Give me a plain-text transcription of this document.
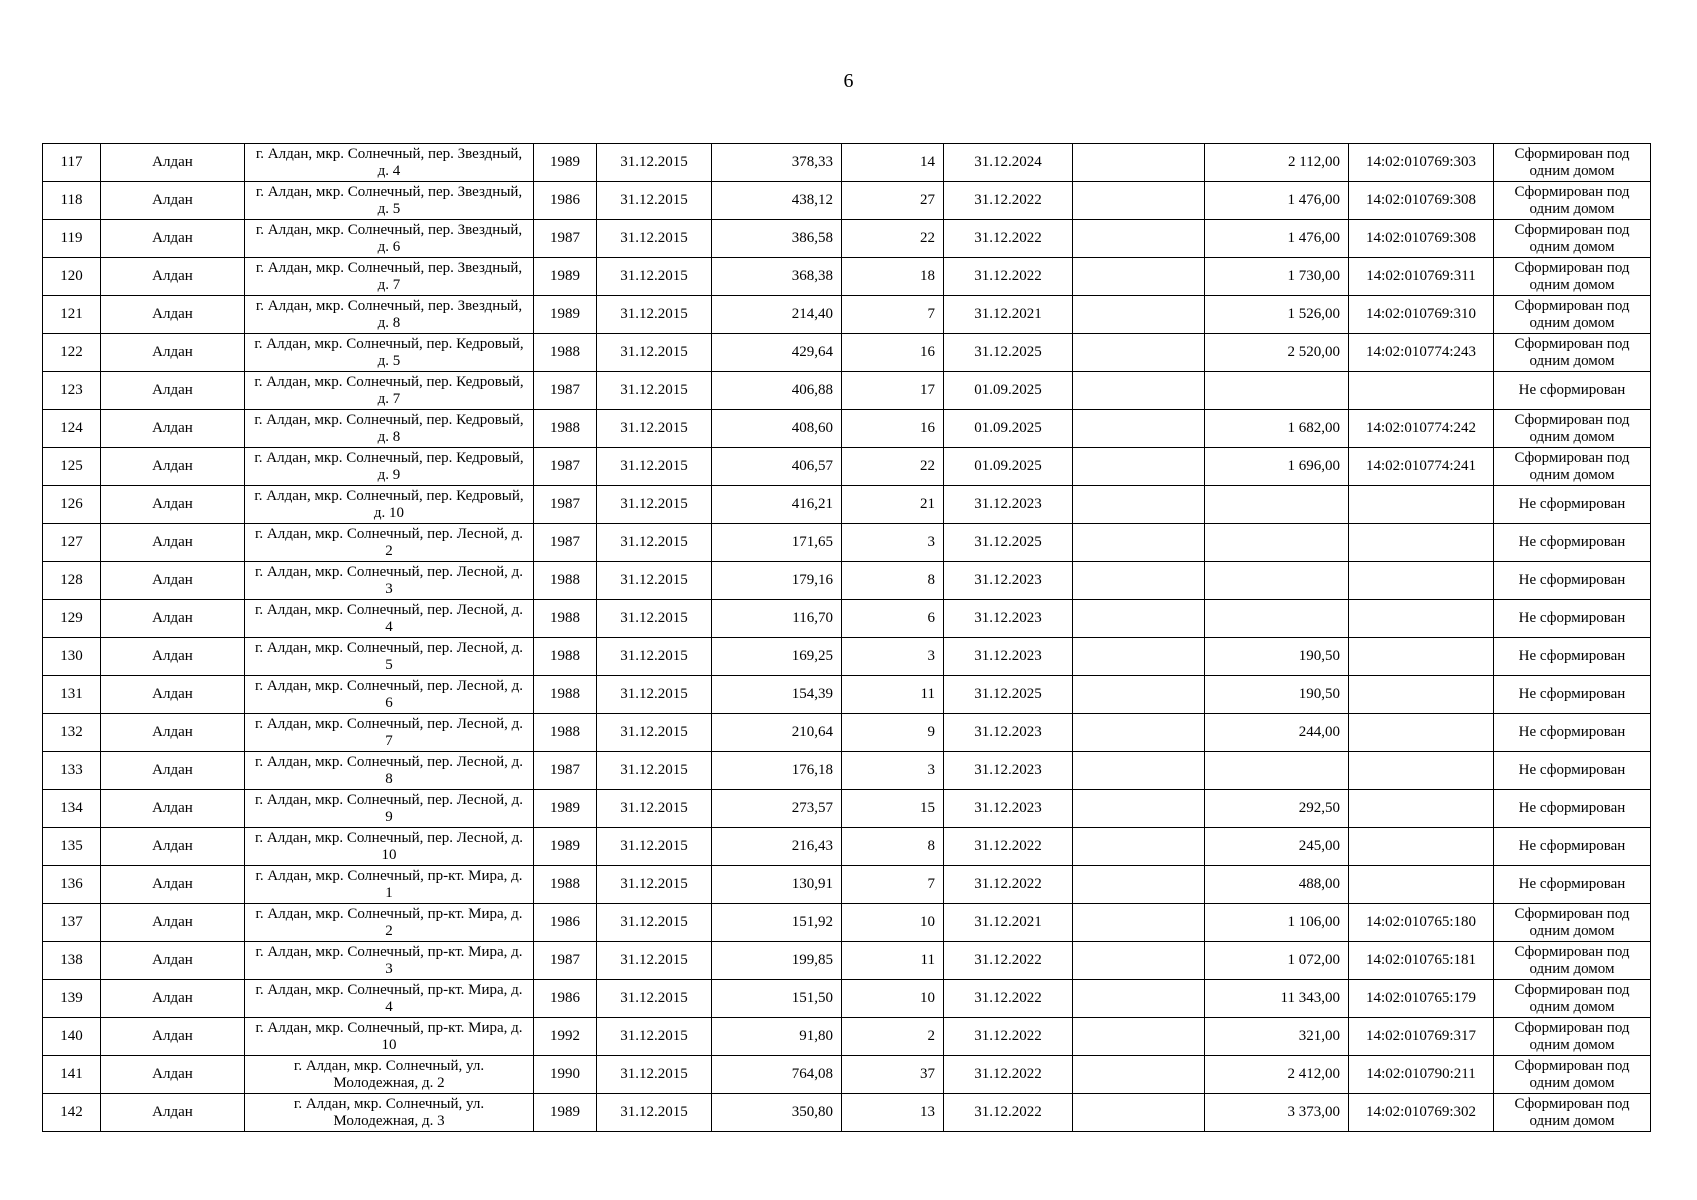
6
117	Алдан	г. Алдан, мкр. Солнечный, пер. Звездный, д. 4	1989	31.12.2015	378,33	14	31.12.2024		2 112,00	14:02:010769:303	Сформирован под одним домом
118	Алдан	г. Алдан, мкр. Солнечный, пер. Звездный, д. 5	1986	31.12.2015	438,12	27	31.12.2022		1 476,00	14:02:010769:308	Сформирован под одним домом
119	Алдан	г. Алдан, мкр. Солнечный, пер. Звездный, д. 6	1987	31.12.2015	386,58	22	31.12.2022		1 476,00	14:02:010769:308	Сформирован под одним домом
120	Алдан	г. Алдан, мкр. Солнечный, пер. Звездный, д. 7	1989	31.12.2015	368,38	18	31.12.2022		1 730,00	14:02:010769:311	Сформирован под одним домом
121	Алдан	г. Алдан, мкр. Солнечный, пер. Звездный, д. 8	1989	31.12.2015	214,40	7	31.12.2021		1 526,00	14:02:010769:310	Сформирован под одним домом
122	Алдан	г. Алдан, мкр. Солнечный, пер. Кедровый, д. 5	1988	31.12.2015	429,64	16	31.12.2025		2 520,00	14:02:010774:243	Сформирован под одним домом
123	Алдан	г. Алдан, мкр. Солнечный, пер. Кедровый, д. 7	1987	31.12.2015	406,88	17	01.09.2025				Не сформирован
124	Алдан	г. Алдан, мкр. Солнечный, пер. Кедровый, д. 8	1988	31.12.2015	408,60	16	01.09.2025		1 682,00	14:02:010774:242	Сформирован под одним домом
125	Алдан	г. Алдан, мкр. Солнечный, пер. Кедровый, д. 9	1987	31.12.2015	406,57	22	01.09.2025		1 696,00	14:02:010774:241	Сформирован под одним домом
126	Алдан	г. Алдан, мкр. Солнечный, пер. Кедровый, д. 10	1987	31.12.2015	416,21	21	31.12.2023				Не сформирован
127	Алдан	г. Алдан, мкр. Солнечный, пер. Лесной, д. 2	1987	31.12.2015	171,65	3	31.12.2025				Не сформирован
128	Алдан	г. Алдан, мкр. Солнечный, пер. Лесной, д. 3	1988	31.12.2015	179,16	8	31.12.2023				Не сформирован
129	Алдан	г. Алдан, мкр. Солнечный, пер. Лесной, д. 4	1988	31.12.2015	116,70	6	31.12.2023				Не сформирован
130	Алдан	г. Алдан, мкр. Солнечный, пер. Лесной, д. 5	1988	31.12.2015	169,25	3	31.12.2023		190,50		Не сформирован
131	Алдан	г. Алдан, мкр. Солнечный, пер. Лесной, д. 6	1988	31.12.2015	154,39	11	31.12.2025		190,50		Не сформирован
132	Алдан	г. Алдан, мкр. Солнечный, пер. Лесной, д. 7	1988	31.12.2015	210,64	9	31.12.2023		244,00		Не сформирован
133	Алдан	г. Алдан, мкр. Солнечный, пер. Лесной, д. 8	1987	31.12.2015	176,18	3	31.12.2023				Не сформирован
134	Алдан	г. Алдан, мкр. Солнечный, пер. Лесной, д. 9	1989	31.12.2015	273,57	15	31.12.2023		292,50		Не сформирован
135	Алдан	г. Алдан, мкр. Солнечный, пер. Лесной, д. 10	1989	31.12.2015	216,43	8	31.12.2022		245,00		Не сформирован
136	Алдан	г. Алдан, мкр. Солнечный, пр-кт. Мира, д. 1	1988	31.12.2015	130,91	7	31.12.2022		488,00		Не сформирован
137	Алдан	г. Алдан, мкр. Солнечный, пр-кт. Мира, д. 2	1986	31.12.2015	151,92	10	31.12.2021		1 106,00	14:02:010765:180	Сформирован под одним домом
138	Алдан	г. Алдан, мкр. Солнечный, пр-кт. Мира, д. 3	1987	31.12.2015	199,85	11	31.12.2022		1 072,00	14:02:010765:181	Сформирован под одним домом
139	Алдан	г. Алдан, мкр. Солнечный, пр-кт. Мира, д. 4	1986	31.12.2015	151,50	10	31.12.2022		11 343,00	14:02:010765:179	Сформирован под одним домом
140	Алдан	г. Алдан, мкр. Солнечный, пр-кт. Мира, д. 10	1992	31.12.2015	91,80	2	31.12.2022		321,00	14:02:010769:317	Сформирован под одним домом
141	Алдан	г. Алдан, мкр. Солнечный, ул. Молодежная, д. 2	1990	31.12.2015	764,08	37	31.12.2022		2 412,00	14:02:010790:211	Сформирован под одним домом
142	Алдан	г. Алдан, мкр. Солнечный, ул. Молодежная, д. 3	1989	31.12.2015	350,80	13	31.12.2022		3 373,00	14:02:010769:302	Сформирован под одним домом
